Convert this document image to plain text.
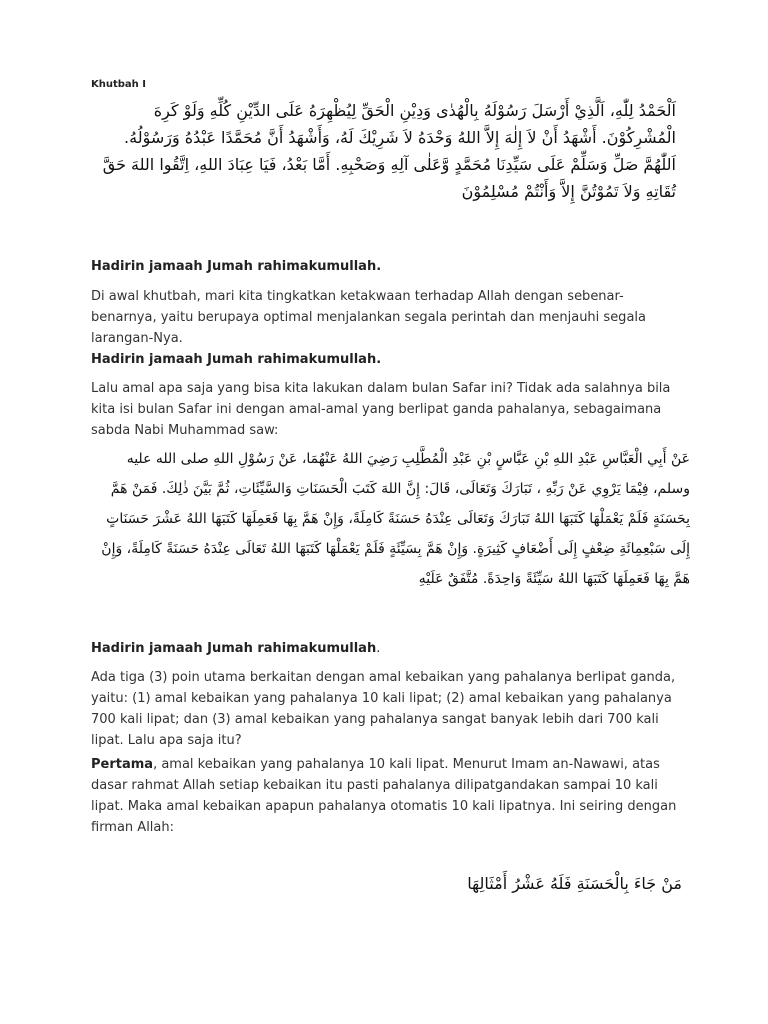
Khutbah I
اَلْحَمْدُ لِلّٰهِ، اَلَّذِيْ أَرْسَلَ رَسُوْلَهُ بِالْهُدٰى وَدِيْنِ الْحَقِّ لِيُظْهِرَهُ عَلَى الدِّيْنِ كُلِّهِ وَلَوْ كَرِهَ الْمُشْرِكُوْنَ. أَشْهَدُ أَنْ لاَ إِلٰهَ إِلاَّ اللهُ وَحْدَهُ لاَ شَرِيْكَ لَهُ، وَأَشْهَدُ أَنَّ مُحَمَّدًا عَبْدُهُ وَرَسُوْلُهُ. اَللّٰهُمَّ صَلِّ وَسَلِّمْ عَلَى سَيِّدِنَا مُحَمَّدٍ وَّعَلٰى آلِهِ وَصَحْبِهِ. أَمَّا بَعْدُ، فَيَا عِبَادَ اللهِ، اِتَّقُوا اللهَ حَقَّ تُقَاتِهِ وَلاَ تَمُوْتُنَّ إِلاَّ وَأَنْتُمْ مُسْلِمُوْنَ
Hadirin jamaah Jumah rahimakumullah.
Di awal khutbah, mari kita tingkatkan ketakwaan terhadap Allah dengan sebenar-benarnya, yaitu berupaya optimal menjalankan segala perintah dan menjauhi segala larangan-Nya.
Hadirin jamaah Jumah rahimakumullah.
Lalu amal apa saja yang bisa kita lakukan dalam bulan Safar ini? Tidak ada salahnya bila kita isi bulan Safar ini dengan amal-amal yang berlipat ganda pahalanya, sebagaimana sabda Nabi Muhammad saw:
عَنْ أَبِي الْعَبَّاسِ عَبْدِ اللهِ بْنِ عَبَّاسٍ بْنِ عَبْدِ الْمُطَّلِبِ رَضِيَ اللهُ عَنْهُمَا، عَنْ رَسُوْلِ اللهِ صلى الله عليه وسلم، فِيْمَا يَرْوِي عَنْ رَبِّهِ ، تَبَارَكَ وَتَعَالَى، قَالَ: إِنَّ اللهَ كَتَبَ الْحَسَنَاتِ وَالسَّيِّئَاتِ، ثُمَّ بَيَّنَ ذٰلِكَ. فَمَنْ هَمَّ بِحَسَنَةٍ فَلَمْ يَعْمَلْهَا كَتَبَهَا اللهُ تَبَارَكَ وَتَعَالَى عِنْدَهُ حَسَنَةً كَامِلَةً، وَإِنْ هَمَّ بِهَا فَعَمِلَهَا كَتَبَهَا اللهُ عَشْرَ حَسَنَاتٍ إِلَى سَبْعِمِائَةِ ضِعْفٍ إِلَى أَضْعَافٍ كَثِيرَةٍ. وَإِنْ هَمَّ بِسَيِّئَةٍ فَلَمْ يَعْمَلْهَا كَتَبَهَا اللهُ تَعَالَى عِنْدَهُ حَسَنَةً كَامِلَةً، وَإِنْ هَمَّ بِهَا فَعَمِلَهَا كَتَبَهَا اللهُ سَيِّئَةً وَاحِدَةً. مُتَّفَقٌ عَلَيْهِ
Hadirin jamaah Jumah rahimakumullah.
Ada tiga (3) poin utama berkaitan dengan amal kebaikan yang pahalanya berlipat ganda, yaitu: (1) amal kebaikan yang pahalanya 10 kali lipat; (2) amal kebaikan yang pahalanya 700 kali lipat; dan (3) amal kebaikan yang pahalanya sangat banyak lebih dari 700 kali lipat. Lalu apa saja itu?
Pertama, amal kebaikan yang pahalanya 10 kali lipat. Menurut Imam an-Nawawi, atas dasar rahmat Allah setiap kebaikan itu pasti pahalanya dilipatgandakan sampai 10 kali lipat. Maka amal kebaikan apapun pahalanya otomatis 10 kali lipatnya. Ini seiring dengan firman Allah:
مَنْ جَاءَ بِالْحَسَنَةِ فَلَهُ عَشْرُ أَمْثَالِهَا
